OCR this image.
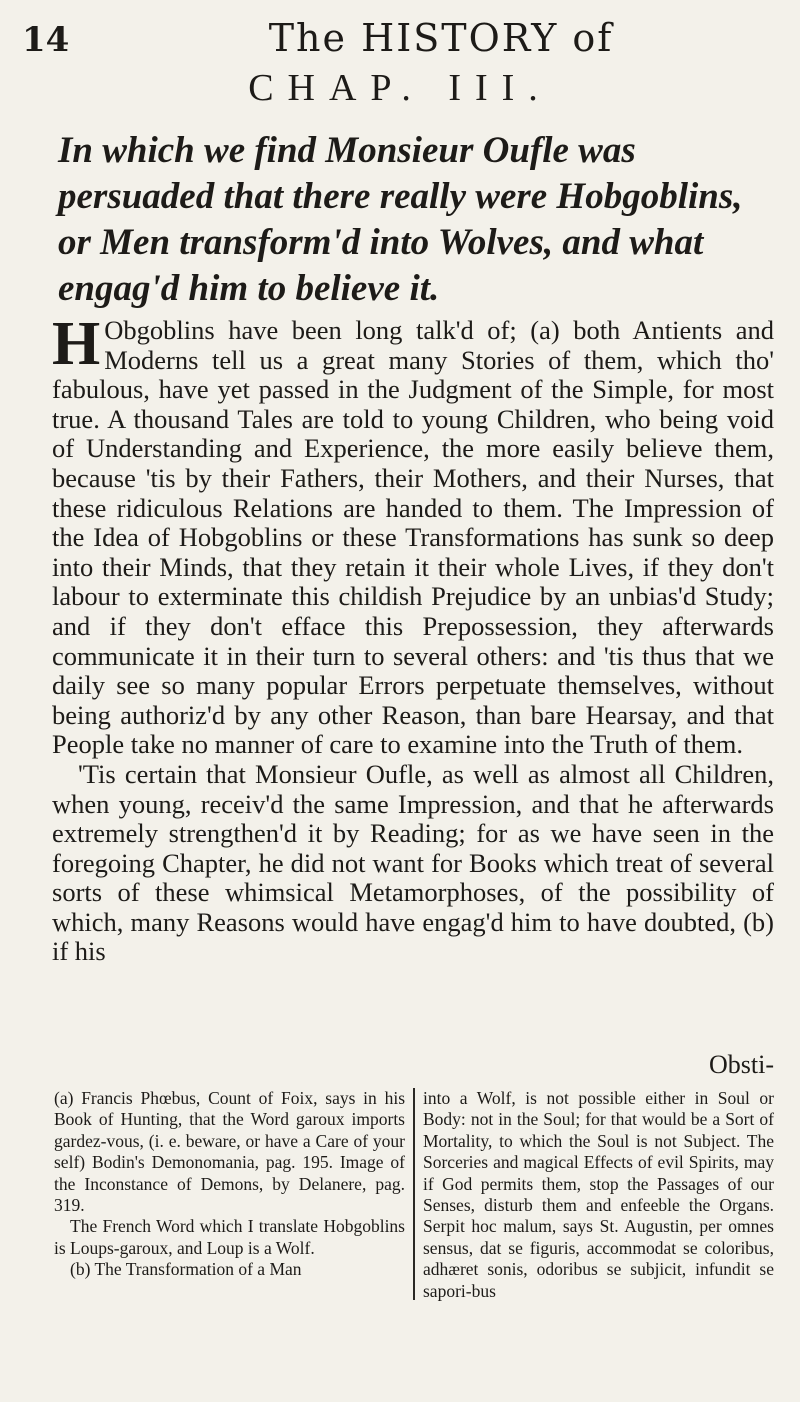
14	The HISTORY of
CHAP. III.

In which we find Monsieur Oufle was persuaded that there really were Hobgoblins, or Men transform'd into Wolves, and what engag'd him to believe it.

H Obgoblins have been long talk'd of; (a) both Antients and Moderns tell us a great many Stories of them, which tho' fabulous, have yet passed in the Judgment of the Simple, for most true. A thousand Tales are told to young Children, who being void of Understanding and Experience, the more easily believe them, because 'tis by their Fathers, their Mothers, and their Nurses, that these ridiculous Relations are handed to them. The Impression of the Idea of Hobgoblins or these Transformations has sunk so deep into their Minds, that they retain it their whole Lives, if they don't labour to exterminate this childish Prejudice by an unbias'd Study; and if they don't efface this Prepossession, they afterwards communicate it in their turn to several others: and 'tis thus that we daily see so many popular Errors perpetuate themselves, without being authoriz'd by any other Reason, than bare Hearsay, and that People take no manner of care to examine into the Truth of them.

'Tis certain that Monsieur Oufle, as well as almost all Children, when young, receiv'd the same Impression, and that he afterwards extremely strengthen'd it by Reading; for as we have seen in the foregoing Chapter, he did not want for Books which treat of several sorts of these whimsical Metamorphoses, of the possibility of which, many Reasons would have engag'd him to have doubted, (b) if his

Obsti-

(a) Francis Phœbus, Count of Foix, says in his Book of Hunting, that the Word garoux imports gardez-vous, (i. e. beware, or have a Care of your self) Bodin's Demonomania, pag. 195. Image of the Inconstance of Demons, by Delanere, pag. 319.

The French Word which I translate Hobgoblins is Loups-garoux, and Loup is a Wolf.

(b) The Transformation of a Man

into a Wolf, is not possible either in Soul or Body: not in the Soul; for that would be a Sort of Mortality, to which the Soul is not Subject. The Sorceries and magical Effects of evil Spirits, may if God permits them, stop the Passages of our Senses, disturb them and enfeeble the Organs. Serpit hoc malum, says St. Augustin, per omnes sensus, dat se figuris, accommodat se coloribus, adhæret sonis, odoribus se subjicit, infundit se sapori-bus
